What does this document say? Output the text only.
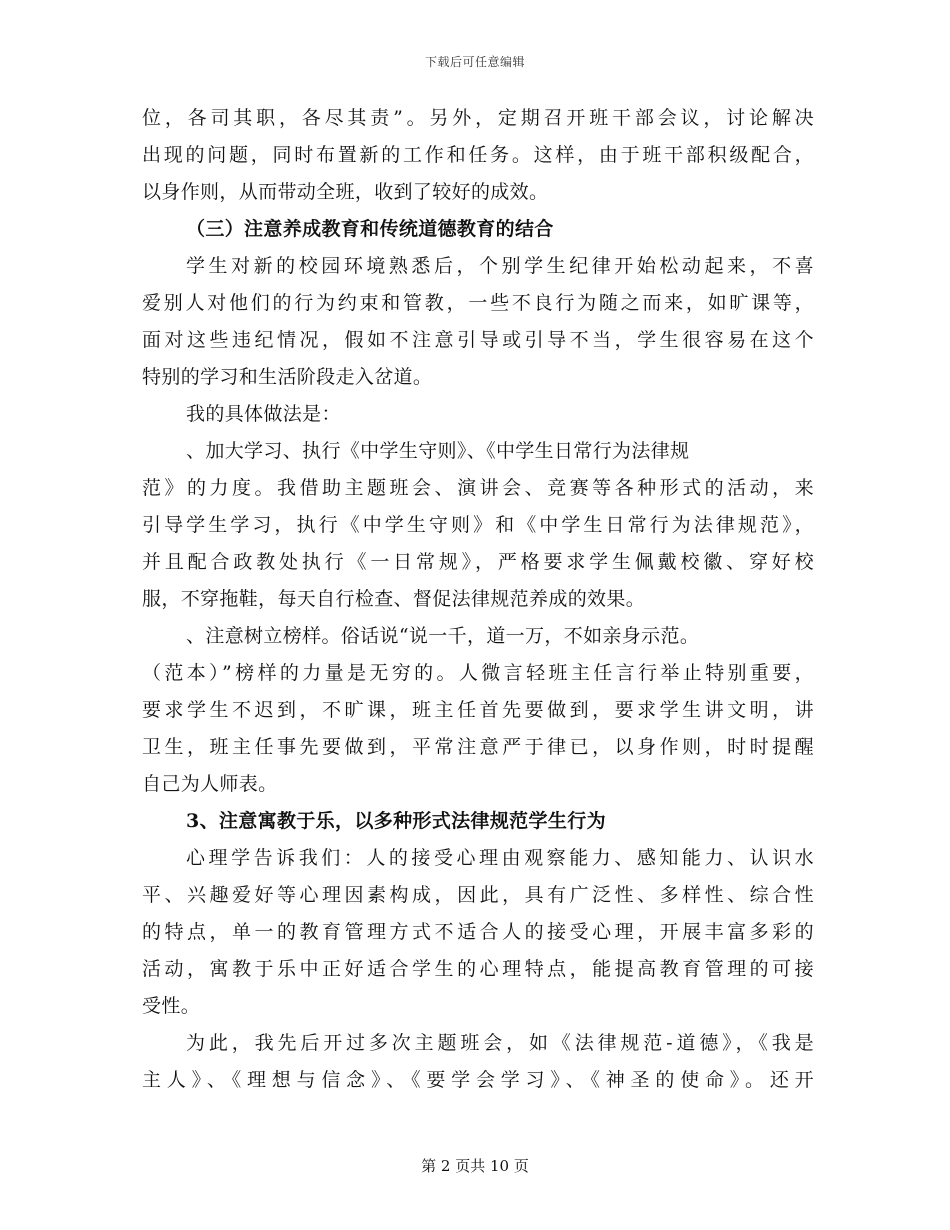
下载后可任意编辑
位，各司其职，各尽其责”。另外，定期召开班干部会议，讨论解决
出现的问题，同时布置新的工作和任务。这样，由于班干部积级配合，
以身作则，从而带动全班，收到了较好的成效。
（三）注意养成教育和传统道德教育的结合
学生对新的校园环境熟悉后，个别学生纪律开始松动起来，不喜
爱别人对他们的行为约束和管教，一些不良行为随之而来，如旷课等，
面对这些违纪情况，假如不注意引导或引导不当，学生很容易在这个
特别的学习和生活阶段走入岔道。
我的具体做法是：
、加大学习、执行《中学生守则》、《中学生日常行为法律规
范》的力度。我借助主题班会、演讲会、竞赛等各种形式的活动，来
引导学生学习，执行《中学生守则》和《中学生日常行为法律规范》，
并且配合政教处执行《一日常规》，严格要求学生佩戴校徽、穿好校
服，不穿拖鞋，每天自行检查、督促法律规范养成的效果。
、注意树立榜样。俗话说“说一千，道一万，不如亲身示范。
（范本）”榜样的力量是无穷的。人微言轻班主任言行举止特别重要，
要求学生不迟到，不旷课，班主任首先要做到，要求学生讲文明，讲
卫生，班主任事先要做到，平常注意严于律已，以身作则，时时提醒
自己为人师表。
3、注意寓教于乐，以多种形式法律规范学生行为
心理学告诉我们：人的接受心理由观察能力、感知能力、认识水
平、兴趣爱好等心理因素构成，因此，具有广泛性、多样性、综合性
的特点，单一的教育管理方式不适合人的接受心理，开展丰富多彩的
活动，寓教于乐中正好适合学生的心理特点，能提高教育管理的可接
受性。
为此，我先后开过多次主题班会，如《法律规范-道德》，《我是
主人》、《理想与信念》、《要学会学习》、《神圣的使命》。还开
第 2 页共 10 页
